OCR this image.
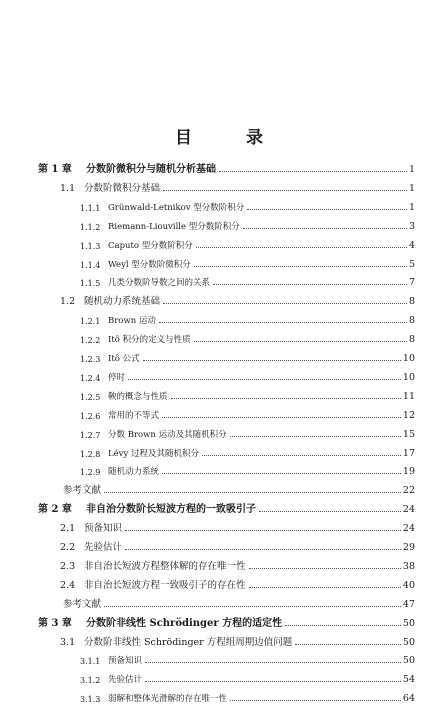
目 录
第 1 章 分数阶微积分与随机分析基础	1
1.1 分数阶微积分基础	1
1.1.1 Grünwald-Letnikov 型分数阶积分	1
1.1.2 Riemann-Liouville 型分数阶积分	3
1.1.3 Caputo 型分数阶积分	4
1.1.4 Weyl 型分数阶微积分	5
1.1.5 几类分数阶导数之间的关系	7
1.2 随机动力系统基础	8
1.2.1 Brown 运动	8
1.2.2 Itô 积分的定义与性质	8
1.2.3 Itô 公式	10
1.2.4 停时	10
1.2.5 鞅的概念与性质	11
1.2.6 常用的不等式	12
1.2.7 分数 Brown 运动及其随机积分	15
1.2.8 Lévy 过程及其随机积分	17
1.2.9 随机动力系统	19
参考文献	22
第 2 章 非自治分数阶长短波方程的一致吸引子	24
2.1 预备知识	24
2.2 先验估计	29
2.3 非自治长短波方程整体解的存在唯一性	38
2.4 非自治长短波方程一致吸引子的存在性	40
参考文献	47
第 3 章 分数阶非线性 Schrödinger 方程的适定性	50
3.1 分数阶非线性 Schrödinger 方程组周期边值问题	50
3.1.1 预备知识	50
3.1.2 先验估计	54
3.1.3 弱解和整体光滑解的存在唯一性	64
